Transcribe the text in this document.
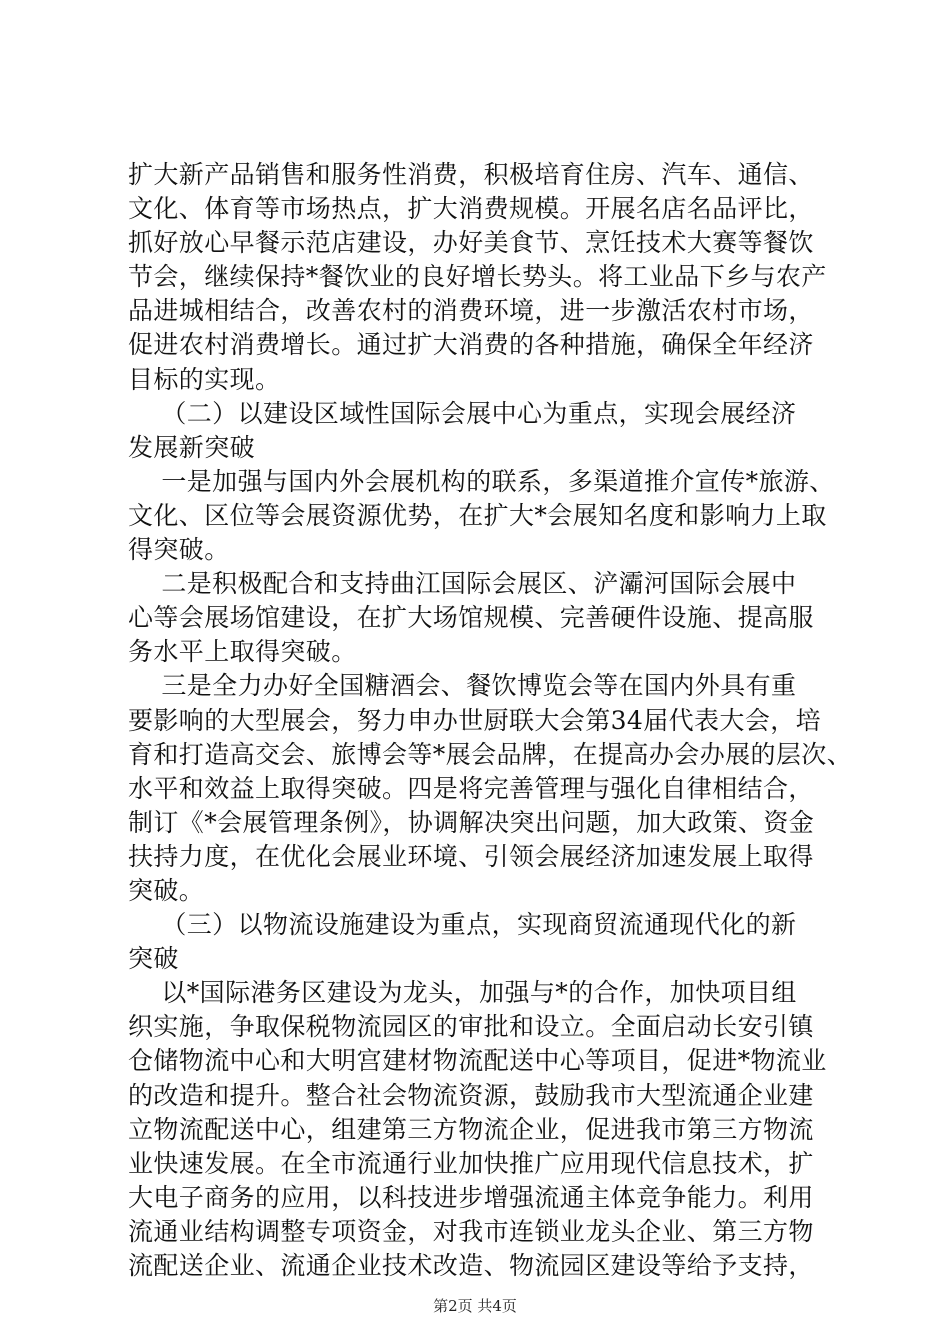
扩大新产品销售和服务性消费，积极培育住房、汽车、通信、
文化、体育等市场热点，扩大消费规模。开展名店名品评比，
抓好放心早餐示范店建设，办好美食节、烹饪技术大赛等餐饮
节会，继续保持*餐饮业的良好增长势头。将工业品下乡与农产
品进城相结合，改善农村的消费环境，进一步激活农村市场，
促进农村消费增长。通过扩大消费的各种措施，确保全年经济
目标的实现。
（二）以建设区域性国际会展中心为重点，实现会展经济
发展新突破
一是加强与国内外会展机构的联系，多渠道推介宣传*旅游、
文化、区位等会展资源优势，在扩大*会展知名度和影响力上取
得突破。
二是积极配合和支持曲江国际会展区、浐灞河国际会展中
心等会展场馆建设，在扩大场馆规模、完善硬件设施、提高服
务水平上取得突破。
三是全力办好全国糖酒会、餐饮博览会等在国内外具有重
要影响的大型展会，努力申办世厨联大会第34届代表大会，培
育和打造高交会、旅博会等*展会品牌，在提高办会办展的层次、
水平和效益上取得突破。四是将完善管理与强化自律相结合，
制订《*会展管理条例》，协调解决突出问题，加大政策、资金
扶持力度，在优化会展业环境、引领会展经济加速发展上取得
突破。
（三）以物流设施建设为重点，实现商贸流通现代化的新
突破
以*国际港务区建设为龙头，加强与*的合作，加快项目组
织实施，争取保税物流园区的审批和设立。全面启动长安引镇
仓储物流中心和大明宫建材物流配送中心等项目，促进*物流业
的改造和提升。整合社会物流资源，鼓励我市大型流通企业建
立物流配送中心，组建第三方物流企业，促进我市第三方物流
业快速发展。在全市流通行业加快推广应用现代信息技术，扩
大电子商务的应用，以科技进步增强流通主体竞争能力。利用
流通业结构调整专项资金，对我市连锁业龙头企业、第三方物
流配送企业、流通企业技术改造、物流园区建设等给予支持，
第2页 共4页
